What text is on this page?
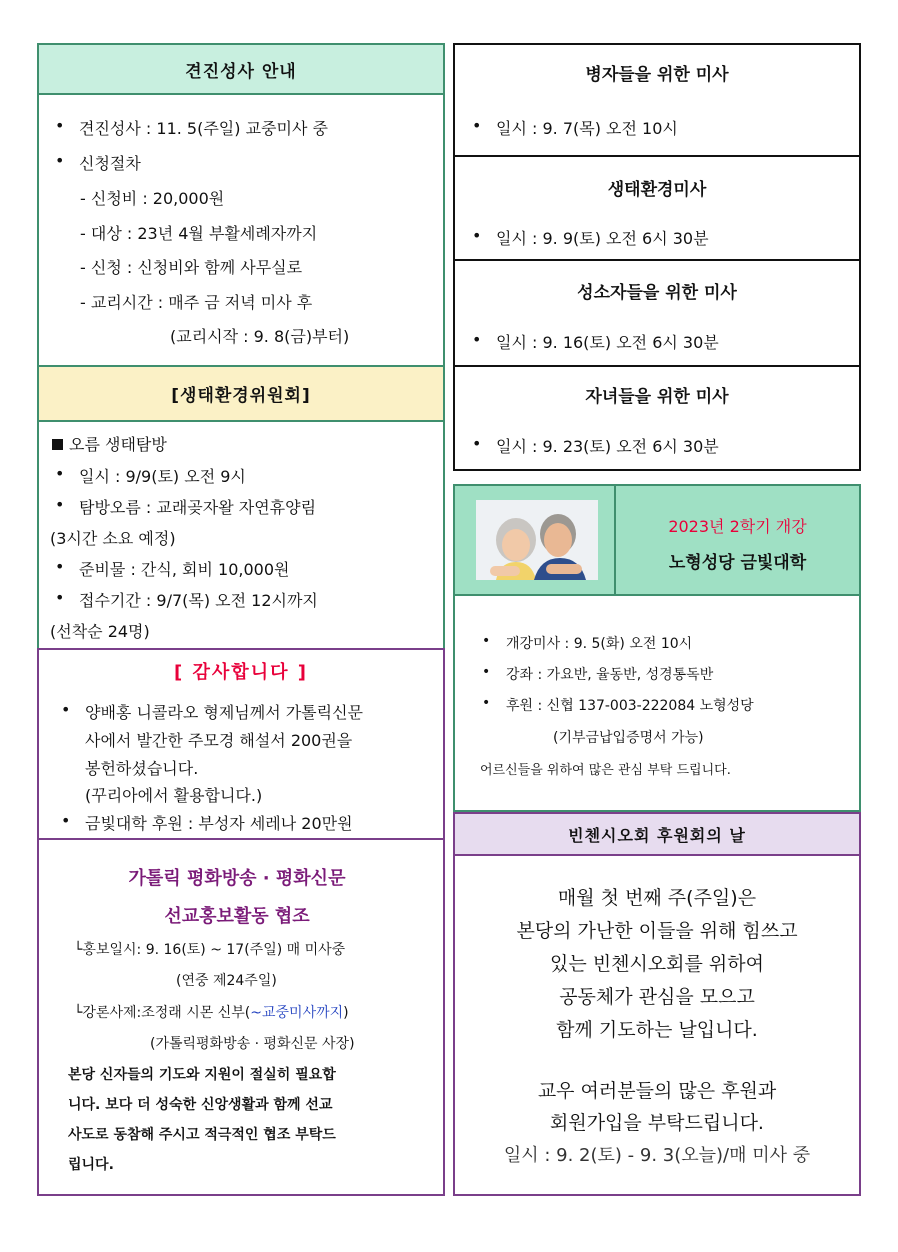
견진성사 안내
• 견진성사 : 11. 5(주일) 교중미사 중
• 신청절차
- 신청비 : 20,000원
- 대상 : 23년 4월 부활세례자까지
- 신청 : 신청비와 함께 사무실로
- 교리시간 : 매주 금 저녁 미사 후
(교리시작 : 9. 8(금)부터)
[생태환경위원회]
오름 생태탐방
• 일시 : 9/9(토) 오전 9시
• 탐방오름 : 교래곶자왈 자연휴양림
(3시간 소요 예정)
• 준비물 : 간식, 회비 10,000원
• 접수기간 : 9/7(목) 오전 12시까지
(선착순 24명)
[ 감사합니다 ]
• 양배홍 니콜라오 형제님께서 가톨릭신문
사에서 발간한 주모경 해설서 200권을
봉헌하셨습니다.
(꾸리아에서 활용합니다.)
• 금빛대학 후원 : 부성자 세레나 20만원
가톨릭 평화방송 · 평화신문
선교홍보활동 협조
└홍보일시: 9. 16(토) ~ 17(주일) 매 미사중
(연중 제24주일)
└강론사제:조정래 시몬 신부(~교중미사까지)
(가톨릭평화방송 · 평화신문 사장)
본당 신자들의 기도와 지원이 절실히 필요합
니다. 보다 더 성숙한 신앙생활과 함께 선교
사도로 동참해 주시고 적극적인 협조 부탁드
립니다.
병자들을 위한 미사
• 일시 : 9. 7(목) 오전 10시
생태환경미사
• 일시 : 9. 9(토) 오전 6시 30분
성소자들을 위한 미사
• 일시 : 9. 16(토) 오전 6시 30분
자녀들을 위한 미사
• 일시 : 9. 23(토) 오전 6시 30분
2023년 2학기 개강
노형성당 금빛대학
• 개강미사 : 9. 5(화) 오전 10시
• 강좌 : 가요반, 율동반, 성경통독반
• 후원 : 신협 137-003-222084 노형성당
(기부금납입증명서 가능)
어르신들을 위하여 많은 관심 부탁 드립니다.
빈첸시오회 후원회의 날
매월 첫 번째 주(주일)은
본당의 가난한 이들을 위해 힘쓰고
있는 빈첸시오회를 위하여
공동체가 관심을 모으고
함께 기도하는 날입니다.
교우 여러분들의 많은 후원과
회원가입을 부탁드립니다.
일시 : 9. 2(토) - 9. 3(오늘)/매 미사 중
